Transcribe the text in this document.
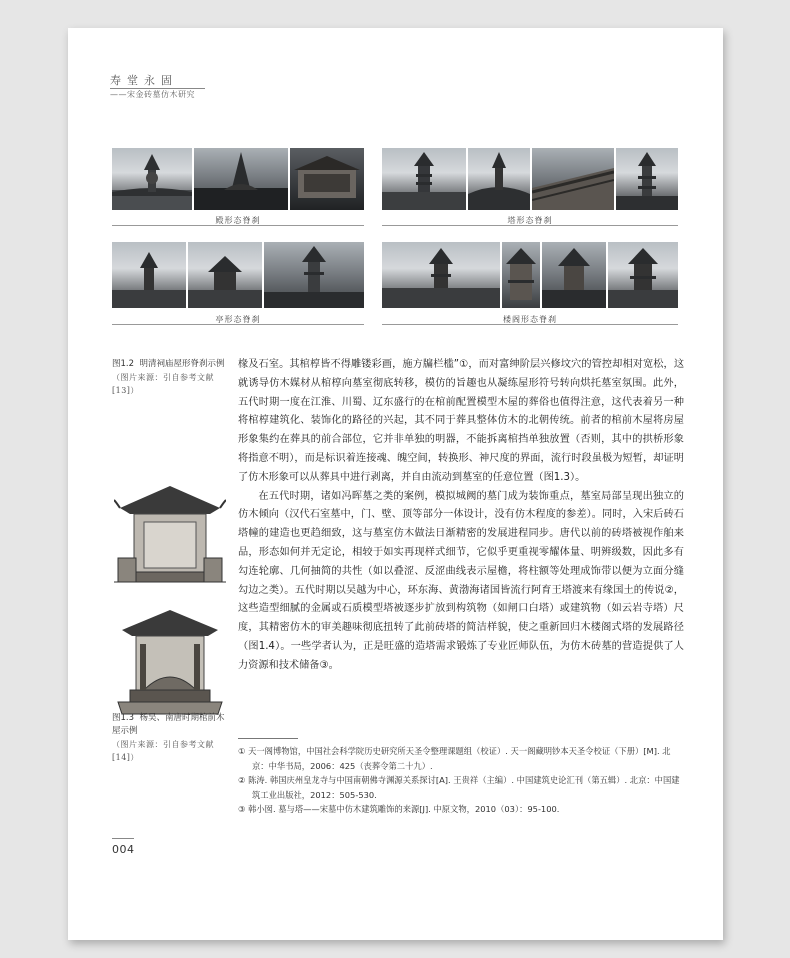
寿堂永固
——宋金砖墓仿木研究
殿形态脊刹	塔形态脊刹
亭形态脊刹	楼阁形态脊刹
图1.2 明清祠庙屋形脊刹示例
（图片来源：引自参考文献[13]）
图1.3 杨吴、南唐时期棺前木屋示例
（图片来源：引自参考文献[14]）

椽及石室。其棺椁皆不得雕镂彩画，施方牖栏槛”①，而对富绅阶层兴修坟穴的管控却相对宽松，这就诱导仿木媒材从棺椁向墓室彻底转移，模仿的旨趣也从凝练屋形符号转向烘托墓室氛围。此外，五代时期一度在江淮、川蜀、辽东盛行的在棺前配置模型木屋的葬俗也值得注意，这代表着另一种将棺椁建筑化、装饰化的路径的兴起，其不同于葬具整体仿木的北朝传统。前者的棺前木屋将房屋形象集约在葬具的前合部位，它并非单独的明器，不能拆离棺挡单独放置（否则，其中的拱桥形象将指意不明），而是标识着连接魂、魄空间，转换形、神尺度的界面，流行时段虽极为短暂，却证明了仿木形象可以从葬具中进行剥离，并自由流动到墓室的任意位置（图1.3）。

在五代时期，诸如冯晖墓之类的案例，模拟城阙的墓门成为装饰重点，墓室局部呈现出独立的仿木倾向（汉代石室墓中，门、壁、顶等部分一体设计，没有仿木程度的参差）。同时，入宋后砖石塔幢的建造也更趋细致，这与墓室仿木做法日渐精密的发展进程同步。唐代以前的砖塔被视作舶来品，形态如何并无定论，相较于如实再现样式细节，它似乎更重视零耀体量、明辨级数，因此多有勾连轮廓、几何抽简的共性（如以叠涩、反涩曲线表示屋檐，将柱额等处理成饰带以便为立面分缝勾边之类）。五代时期以吴越为中心，环东海、黄渤海诸国皆流行阿育王塔渡来有缘国土的传说②，这些造型细腻的金属或石质模型塔被逐步扩放到构筑物（如闸口白塔）或建筑物（如云岩寺塔）尺度，其精密仿木的审美趣味彻底扭转了此前砖塔的简洁样貌，使之重新回归木楼阁式塔的发展路径（图1.4）。一些学者认为，正是旺盛的造塔需求锻炼了专业匠师队伍，为仿木砖墓的营造提供了人力资源和技术储备③。

① 天一阁博物馆，中国社会科学院历史研究所天圣令整理课题组（校证）. 天一阁藏明钞本天圣令校证（下册）[M]. 北京：中华书局，2006：425（丧葬令第二十九）.

② 陈涛. 韩国庆州皇龙寺与中国南朝佛寺渊源关系探讨[A]. 王贵祥（主编）. 中国建筑史论汇刊（第五辑）. 北京：中国建筑工业出版社，2012：505-530.

③ 韩小囡. 墓与塔——宋墓中仿木建筑雕饰的来源[J]. 中原文物，2010（03）：95-100.

004
